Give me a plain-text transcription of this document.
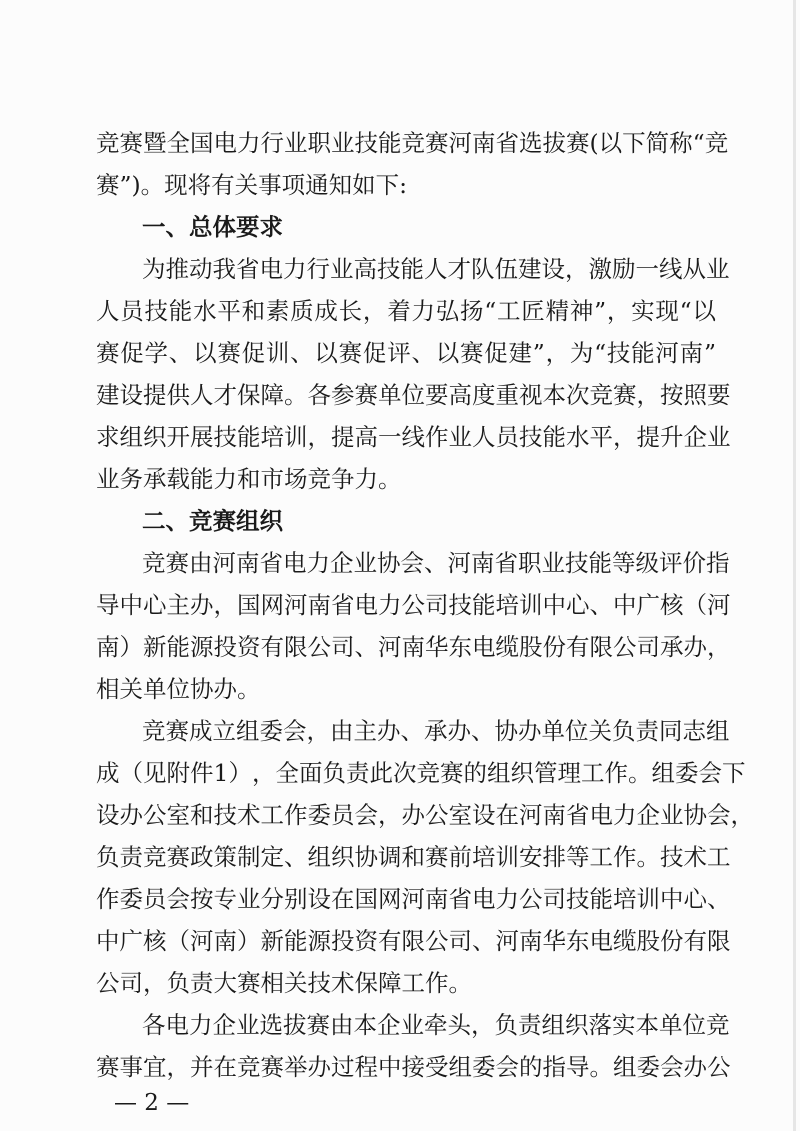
竞 赛 暨 全 国 电 力 行 业 职 业 技 能 竞 赛 河 南 省 选 拔 赛 ( 以 下 简 称 “ 竞
赛”)。现将有关事项通知如下:
一、总体要求
为 推 动 我 省 电 力 行 业 高 技 能 人 才 队 伍 建 设 ， 激 励 一 线 从 业
人 员 技 能 水 平 和 素 质 成 长 ， 着 力 弘 扬 “ 工 匠 精 神 ” ， 实 现 “ 以
赛 促 学 、 以 赛 促 训 、 以 赛 促 评 、 以 赛 促 建 ” ， 为 “ 技 能 河 南 ”
建 设 提 供 人 才 保 障 。 各 参 赛 单 位 要 高 度 重 视 本 次 竞 赛 ， 按 照 要
求 组 织 开 展 技 能 培 训 ， 提 高 一 线 作 业 人 员 技 能 水 平 ， 提 升 企 业
业务承载能力和市场竞争力。
二、竞赛组织
竞 赛 由 河 南 省 电 力 企 业 协 会 、 河 南 省 职 业 技 能 等 级 评 价 指
导 中 心 主 办 ， 国 网 河 南 省 电 力 公 司 技 能 培 训 中 心 、 中 广 核 （ 河
南 ） 新 能 源 投 资 有 限 公 司 、 河 南 华 东 电 缆 股 份 有 限 公 司 承 办 ，
相关单位协办。
竞 赛 成 立 组 委 会 ， 由 主 办 、 承 办 、 协 办 单 位 关 负 责 同 志 组
成 （ 见 附 件 1 ） ， 全 面 负 责 此 次 竞 赛 的 组 织 管 理 工 作 。 组 委 会 下
设 办 公 室 和 技 术 工 作 委 员 会 ， 办 公 室 设 在 河 南 省 电 力 企 业 协 会 ，
负 责 竞 赛 政 策 制 定 、 组 织 协 调 和 赛 前 培 训 安 排 等 工 作 。 技 术 工
作 委 员 会 按 专 业 分 别 设 在 国 网 河 南 省 电 力 公 司 技 能 培 训 中 心 、
中 广 核 （ 河 南 ） 新 能 源 投 资 有 限 公 司 、 河 南 华 东 电 缆 股 份 有 限
公司，负责大赛相关技术保障工作。
各 电 力 企 业 选 拔 赛 由 本 企 业 牵 头 ， 负 责 组 织 落 实 本 单 位 竞
赛 事 宜 ， 并 在 竞 赛 举 办 过 程 中 接 受 组 委 会 的 指 导 。 组 委 会 办 公
— 2 —
